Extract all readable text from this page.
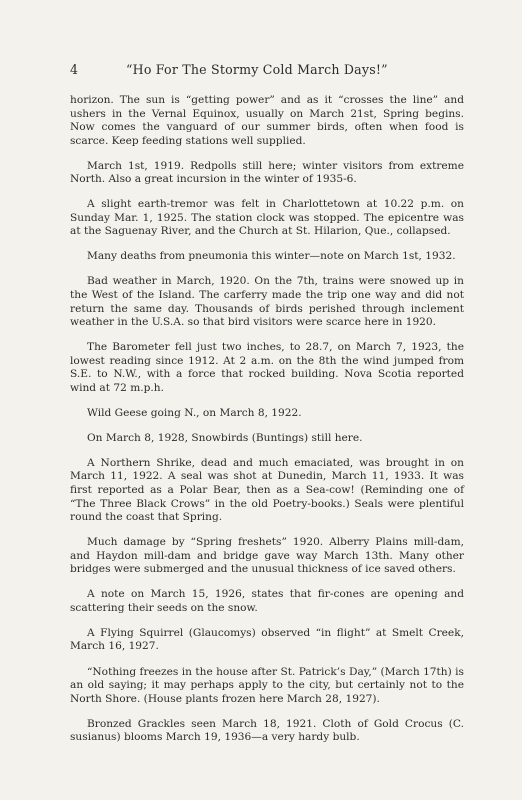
4	“Ho For The Stormy Cold March Days!”

horizon. The sun is “getting power” and as it “crosses the line” and ushers in the Vernal Equinox, usually on March 21st, Spring begins. Now comes the vanguard of our summer birds, often when food is scarce. Keep feeding stations well supplied.

March 1st, 1919. Redpolls still here; winter visitors from extreme North. Also a great incursion in the winter of 1935-6.

A slight earth-tremor was felt in Charlottetown at 10.22 p.m. on Sunday Mar. 1, 1925. The station clock was stopped. The epicentre was at the Saguenay River, and the Church at St. Hilarion, Que., collapsed.

Many deaths from pneumonia this winter—note on March 1st, 1932.

Bad weather in March, 1920. On the 7th, trains were snowed up in the West of the Island. The carferry made the trip one way and did not return the same day. Thousands of birds perished through inclement weather in the U.S.A. so that bird visitors were scarce here in 1920.

The Barometer fell just two inches, to 28.7, on March 7, 1923, the lowest reading since 1912. At 2 a.m. on the 8th the wind jumped from S.E. to N.W., with a force that rocked building. Nova Scotia reported wind at 72 m.p.h.

Wild Geese going N., on March 8, 1922.

On March 8, 1928, Snowbirds (Buntings) still here.

A Northern Shrike, dead and much emaciated, was brought in on March 11, 1922. A seal was shot at Dunedin, March 11, 1933. It was first reported as a Polar Bear, then as a Sea-cow! (Reminding one of “The Three Black Crows” in the old Poetry-books.) Seals were plentiful round the coast that Spring.

Much damage by “Spring freshets” 1920. Alberry Plains mill-dam, and Haydon mill-dam and bridge gave way March 13th. Many other bridges were submerged and the unusual thickness of ice saved others.

A note on March 15, 1926, states that fir-cones are opening and scattering their seeds on the snow.

A Flying Squirrel (Glaucomys) observed “in flight” at Smelt Creek, March 16, 1927.

“Nothing freezes in the house after St. Patrick’s Day,” (March 17th) is an old saying; it may perhaps apply to the city, but certainly not to the North Shore. (House plants frozen here March 28, 1927).

Bronzed Grackles seen March 18, 1921. Cloth of Gold Crocus (C. susianus) blooms March 19, 1936—a very hardy bulb.
